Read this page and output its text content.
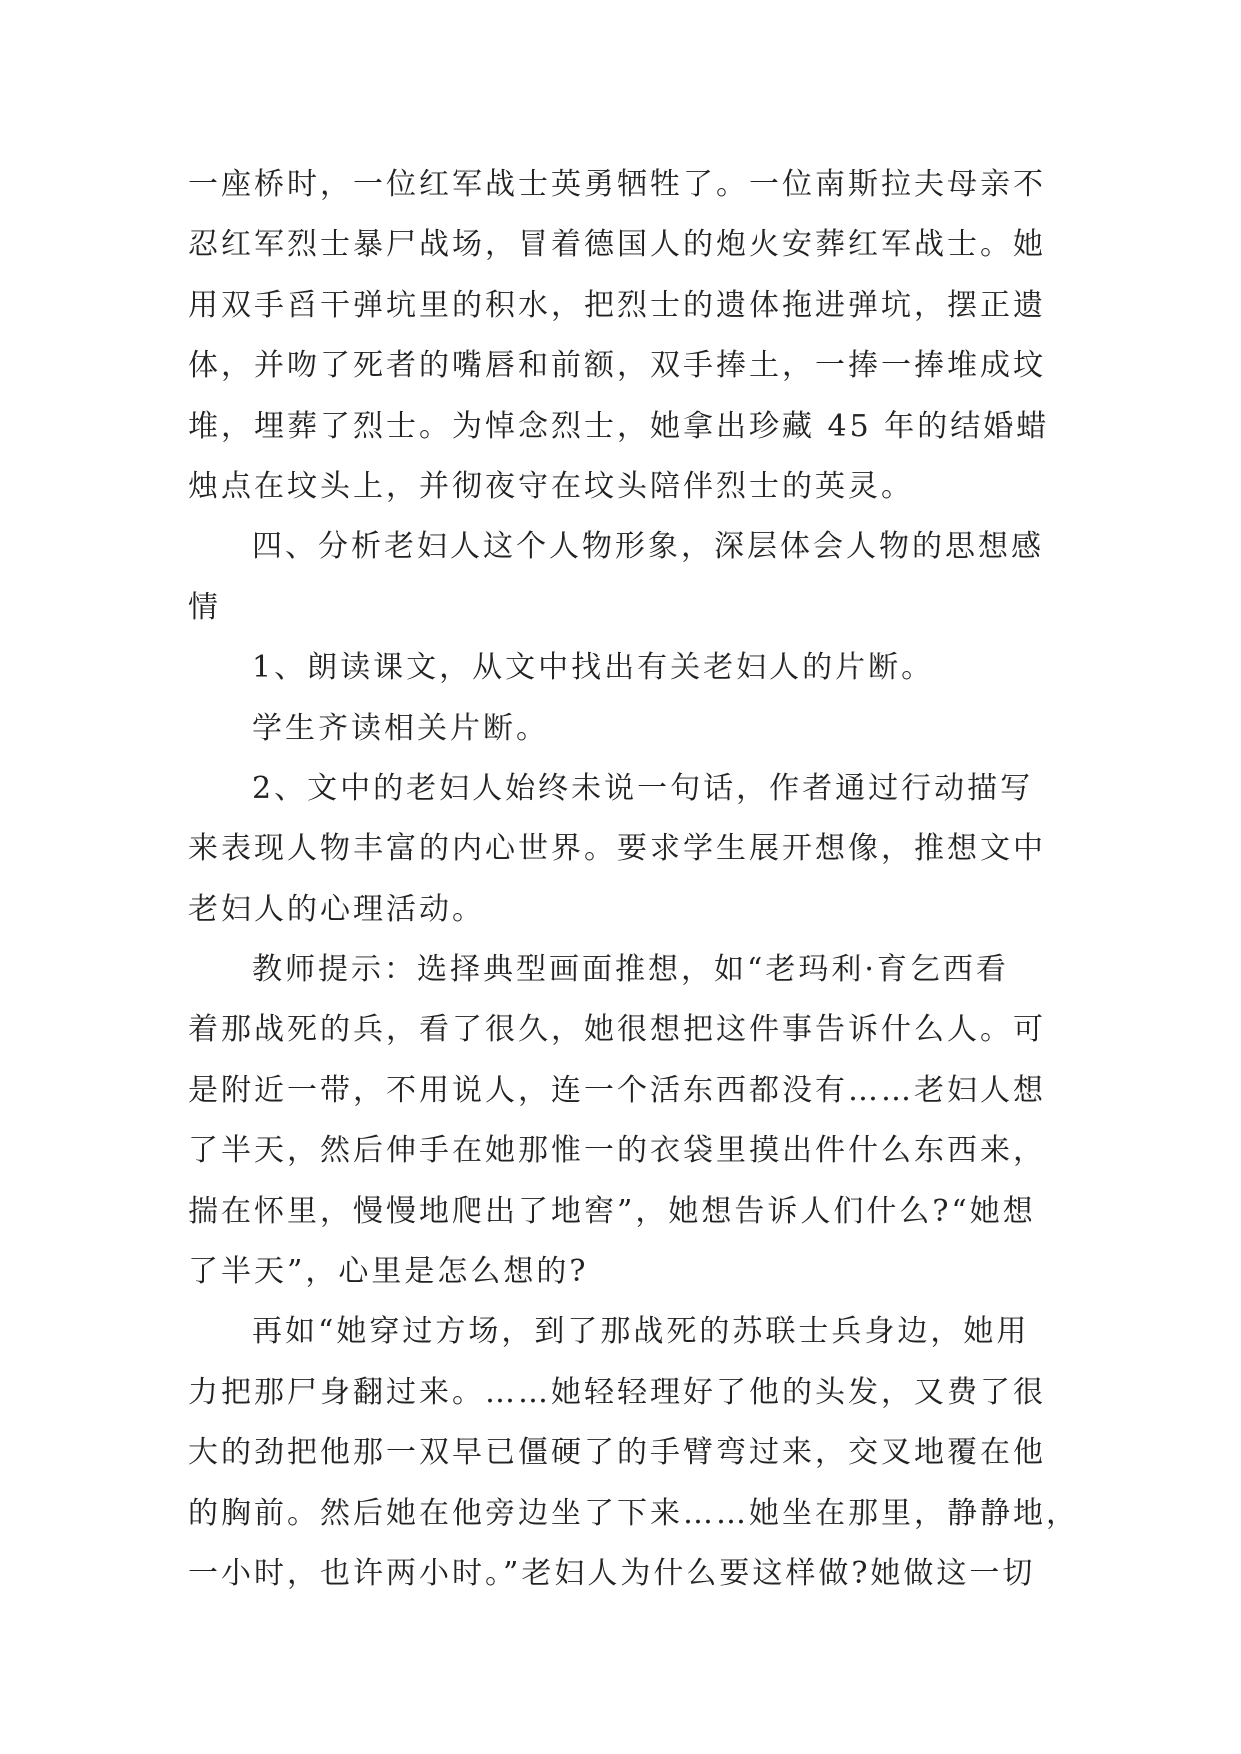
一座桥时，一位红军战士英勇牺牲了。一位南斯拉夫母亲不
忍红军烈士暴尸战场，冒着德国人的炮火安葬红军战士。她
用双手舀干弹坑里的积水，把烈士的遗体拖进弹坑，摆正遗
体，并吻了死者的嘴唇和前额，双手捧土，一捧一捧堆成坟
堆，埋葬了烈士。为悼念烈士，她拿出珍藏 45 年的结婚蜡
烛点在坟头上，并彻夜守在坟头陪伴烈士的英灵。
四、分析老妇人这个人物形象，深层体会人物的思想感
情
1、朗读课文，从文中找出有关老妇人的片断。
学生齐读相关片断。
2、文中的老妇人始终未说一句话，作者通过行动描写
来表现人物丰富的内心世界。要求学生展开想像，推想文中
老妇人的心理活动。
教师提示：选择典型画面推想，如“老玛利·育乞西看
着那战死的兵，看了很久，她很想把这件事告诉什么人。可
是附近一带，不用说人，连一个活东西都没有……老妇人想
了半天，然后伸手在她那惟一的衣袋里摸出件什么东西来，
揣在怀里，慢慢地爬出了地窖”，她想告诉人们什么?“她想
了半天”，心里是怎么想的?
再如“她穿过方场，到了那战死的苏联士兵身边，她用
力把那尸身翻过来。……她轻轻理好了他的头发，又费了很
大的劲把他那一双早已僵硬了的手臂弯过来，交叉地覆在他
的胸前。然后她在他旁边坐了下来……她坐在那里，静静地，
一小时，也许两小时。”老妇人为什么要这样做?她做这一切
